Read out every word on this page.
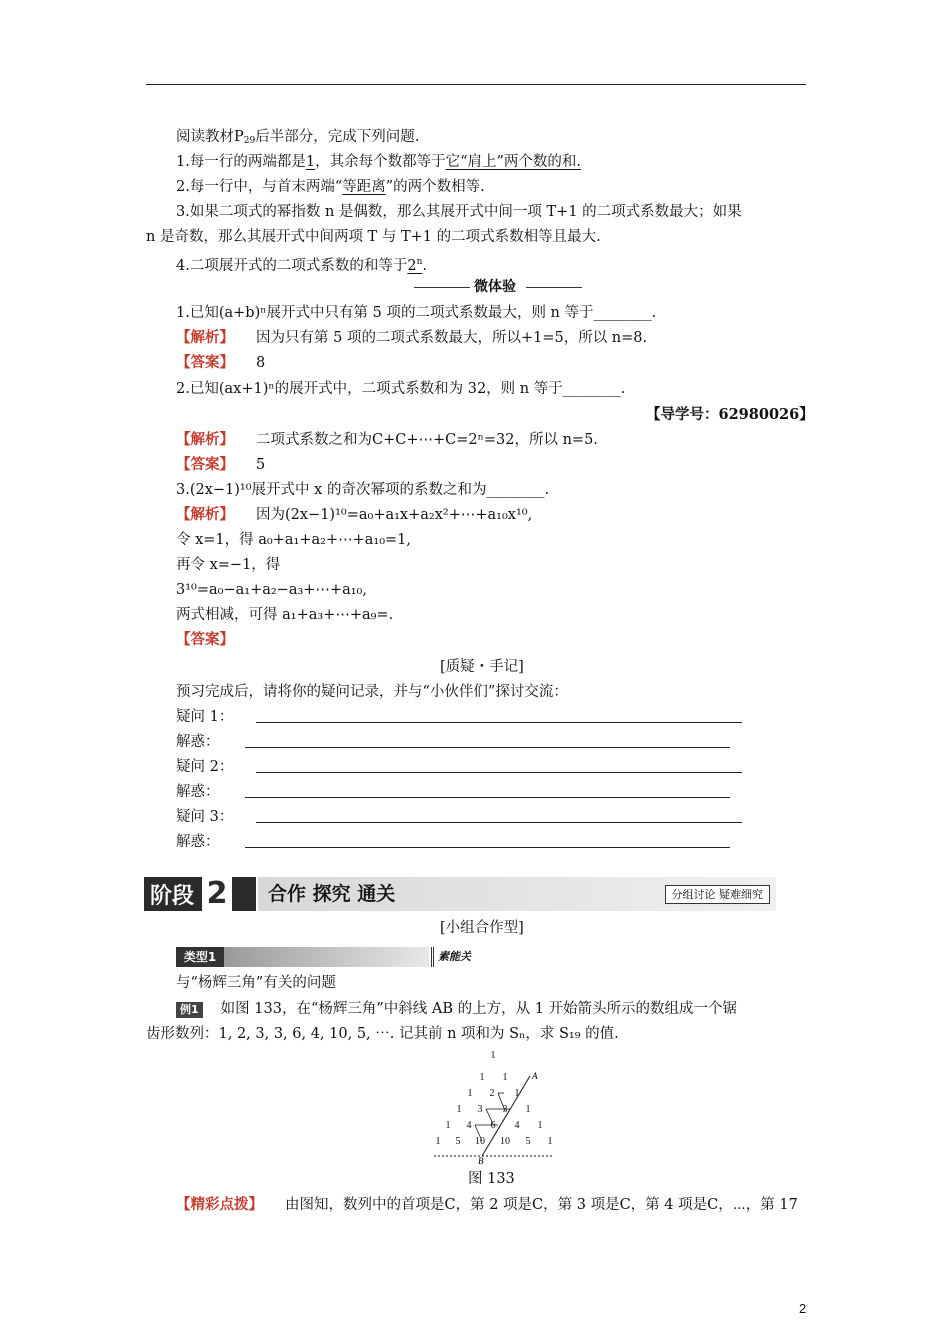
阅读教材$P_{29}$后半部分，完成下列问题.
1.每一行的两端都是1，其余每个数都等于它“肩上”两个数的和.
2.每一行中，与首末两端“等距离”的两个数相等.
3.如果二项式的幂指数 n 是偶数，那么其展开式中间一项 T+1 的二项式系数最大；如果
n 是奇数，那么其展开式中间两项 T 与 T+1 的二项式系数相等且最大.
4.二项展开式的二项式系数的和等于2$^n$.
微体验
1.已知(a+b)ⁿ展开式中只有第 5 项的二项式系数最大，则 n 等于________.
【解析】 因为只有第 5 项的二项式系数最大，所以+1=5，所以 n=8.
【答案】 8
2.已知(ax+1)ⁿ的展开式中，二项式系数和为 32，则 n 等于________.
【导学号：62980026】
【解析】 二项式系数之和为C+C+⋯+C=2ⁿ=32，所以 n=5.
【答案】 5
3.(2x−1)¹⁰展开式中 x 的奇次幂项的系数之和为________.
【解析】 因为(2x−1)¹⁰=a₀+a₁x+a₂x²+⋯+a₁₀x¹⁰,
令 x=1，得 a₀+a₁+a₂+⋯+a₁₀=1,
再令 x=−1，得
3¹⁰=a₀−a₁+a₂−a₃+⋯+a₁₀,
两式相减，可得 a₁+a₃+⋯+a₉=.
【答案】
[质疑・手记]
预习完成后，请将你的疑问记录，并与“小伙伴们”探讨交流：
疑问 1：
解惑：
疑问 2：
解惑：
疑问 3：
解惑：
阶段 2	合作 探究 通关	分组讨论 疑难细究
[小组合作型]
类型1	素能关
与“杨辉三角”有关的问题
例1 如图 133，在“杨辉三角”中斜线 AB 的上方，从 1 开始箭头所示的数组成一个锯
齿形数列：1, 2, 3, 3, 6, 4, 10, 5, ⋯. 记其前 n 项和为 Sₙ，求 S₁₉ 的值.
1
1 1
1 2 1
1 3 3 1
1 4 6 4 1
1 5 10 10 5 1
A
B
图 133
【精彩点拨】 由图知，数列中的首项是C，第 2 项是C，第 3 项是C，第 4 项是C，⋯，第 17
2
